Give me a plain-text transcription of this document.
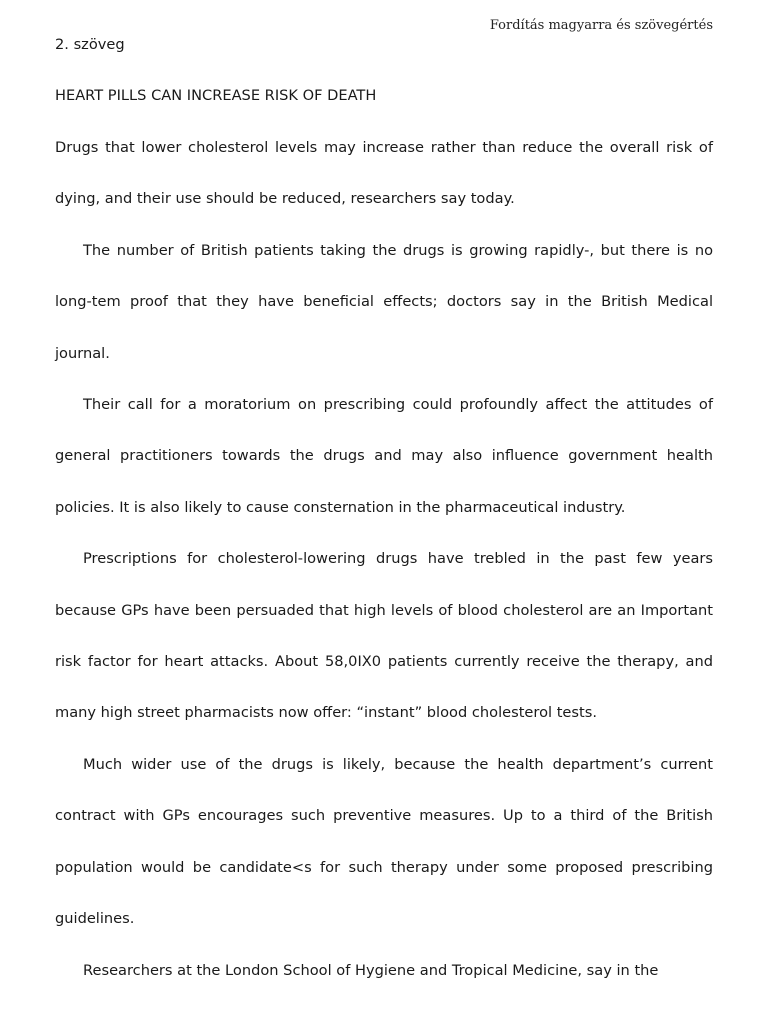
Fordítás magyarra és szövegértés

2. szöveg

HEART PILLS CAN INCREASE RISK OF DEATH

Drugs that lower cholesterol levels may increase rather than reduce the overall risk of dying, and their use should be reduced, researchers say today.

The number of British patients taking the drugs is growing rapidly-, but there is no long-tem proof that they have beneficial effects; doctors say in the British Medical journal.

Their call for a moratorium on prescribing could profoundly affect the attitudes of general practitioners towards the drugs and may also influence government health policies. It is also likely to cause consternation in the pharmaceutical industry.

Prescriptions for cholesterol-lowering drugs have trebled in the past few years because GPs have been persuaded that high levels of blood cholesterol are an Important risk factor for heart attacks. About 58,0IX0 patients currently receive the therapy, and many high street pharmacists now offer: “instant” blood cholesterol tests.

Much wider use of the drugs is likely, because the health department’s current contract with GPs encourages such preventive measures. Up to a third of the British population would be candidate<s for such therapy under some proposed prescribing guidelines.

Researchers at the London School of Hygiene and Tropical Medicine, say in the
